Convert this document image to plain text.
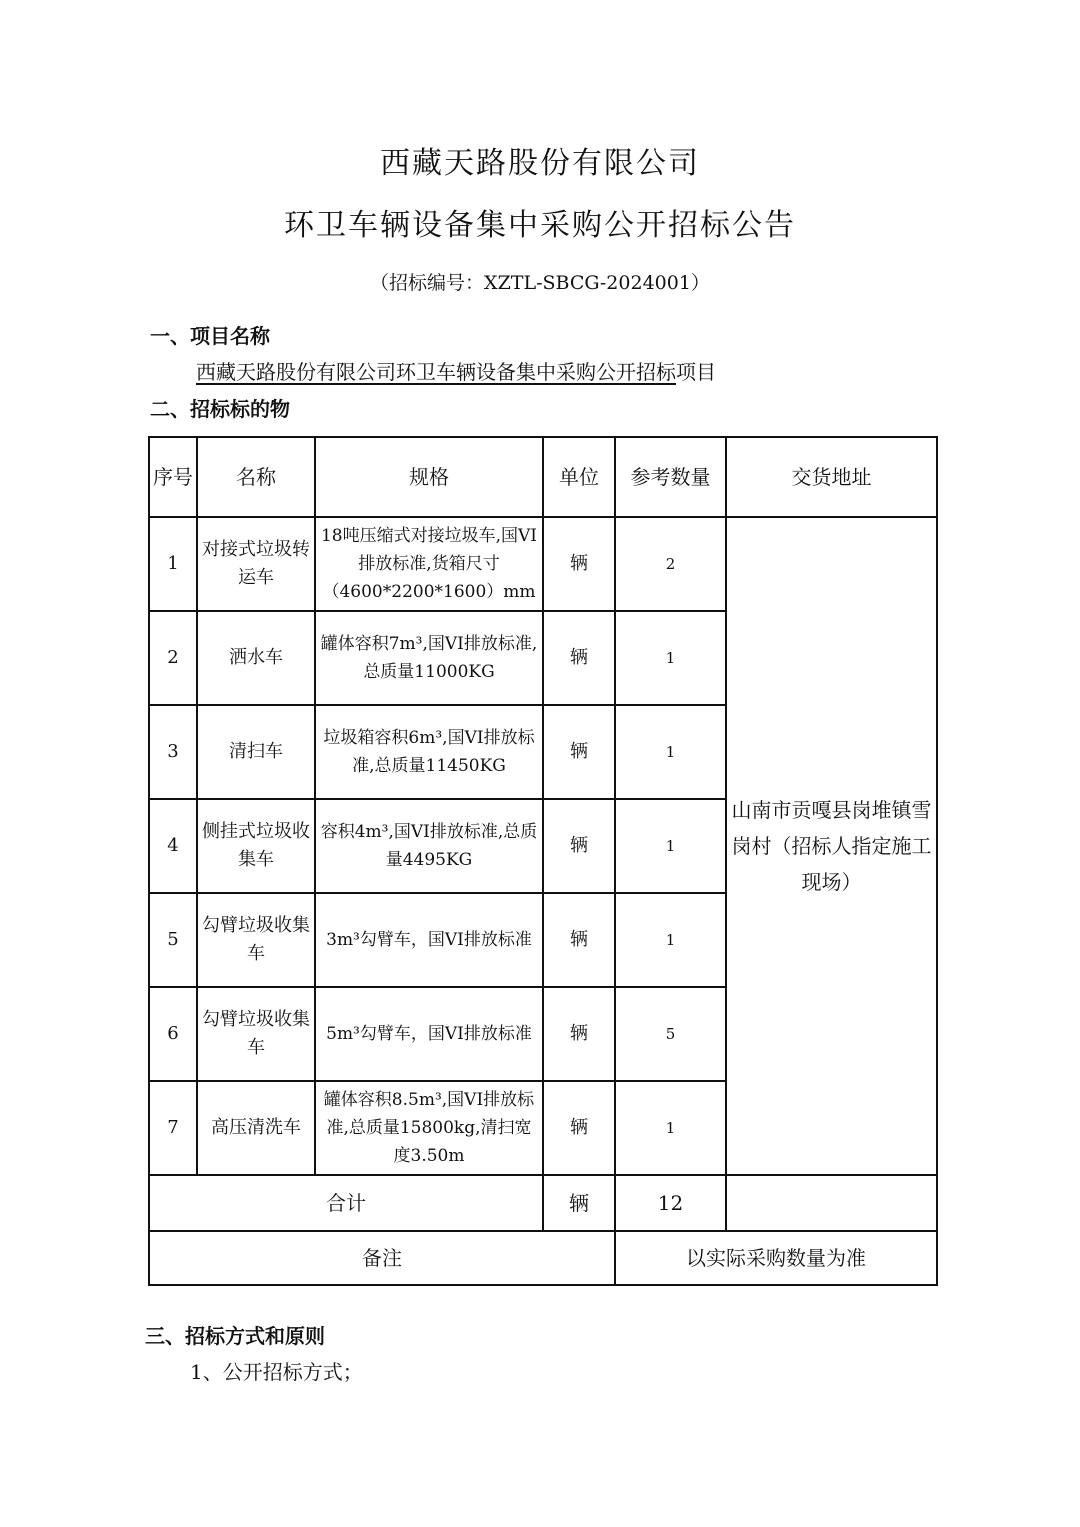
西藏天路股份有限公司
环卫车辆设备集中采购公开招标公告
（招标编号：XZTL-SBCG-2024001）
一、项目名称
西藏天路股份有限公司环卫车辆设备集中采购公开招标项目
二、招标标的物
序号	名称	规格	单位	参考数量	交货地址
1	对接式垃圾转运车	18吨压缩式对接垃圾车,国VI排放标准,货箱尺寸（4600*2200*1600）mm	辆	2	山南市贡嘎县岗堆镇雪岗村（招标人指定施工现场）
2	洒水车	罐体容积7m³,国VI排放标准,总质量11000KG	辆	1	
3	清扫车	垃圾箱容积6m³,国VI排放标准,总质量11450KG	辆	1	
4	侧挂式垃圾收集车	容积4m³,国VI排放标准,总质量4495KG	辆	1	
5	勾臂垃圾收集车	3m³勾臂车，国VI排放标准	辆	1	
6	勾臂垃圾收集车	5m³勾臂车，国VI排放标准	辆	5	
7	高压清洗车	罐体容积8.5m³,国VI排放标准,总质量15800kg,清扫宽度3.50m	辆	1	
合计			辆	12	
备注				以实际采购数量为准	
三、招标方式和原则
1、公开招标方式；
